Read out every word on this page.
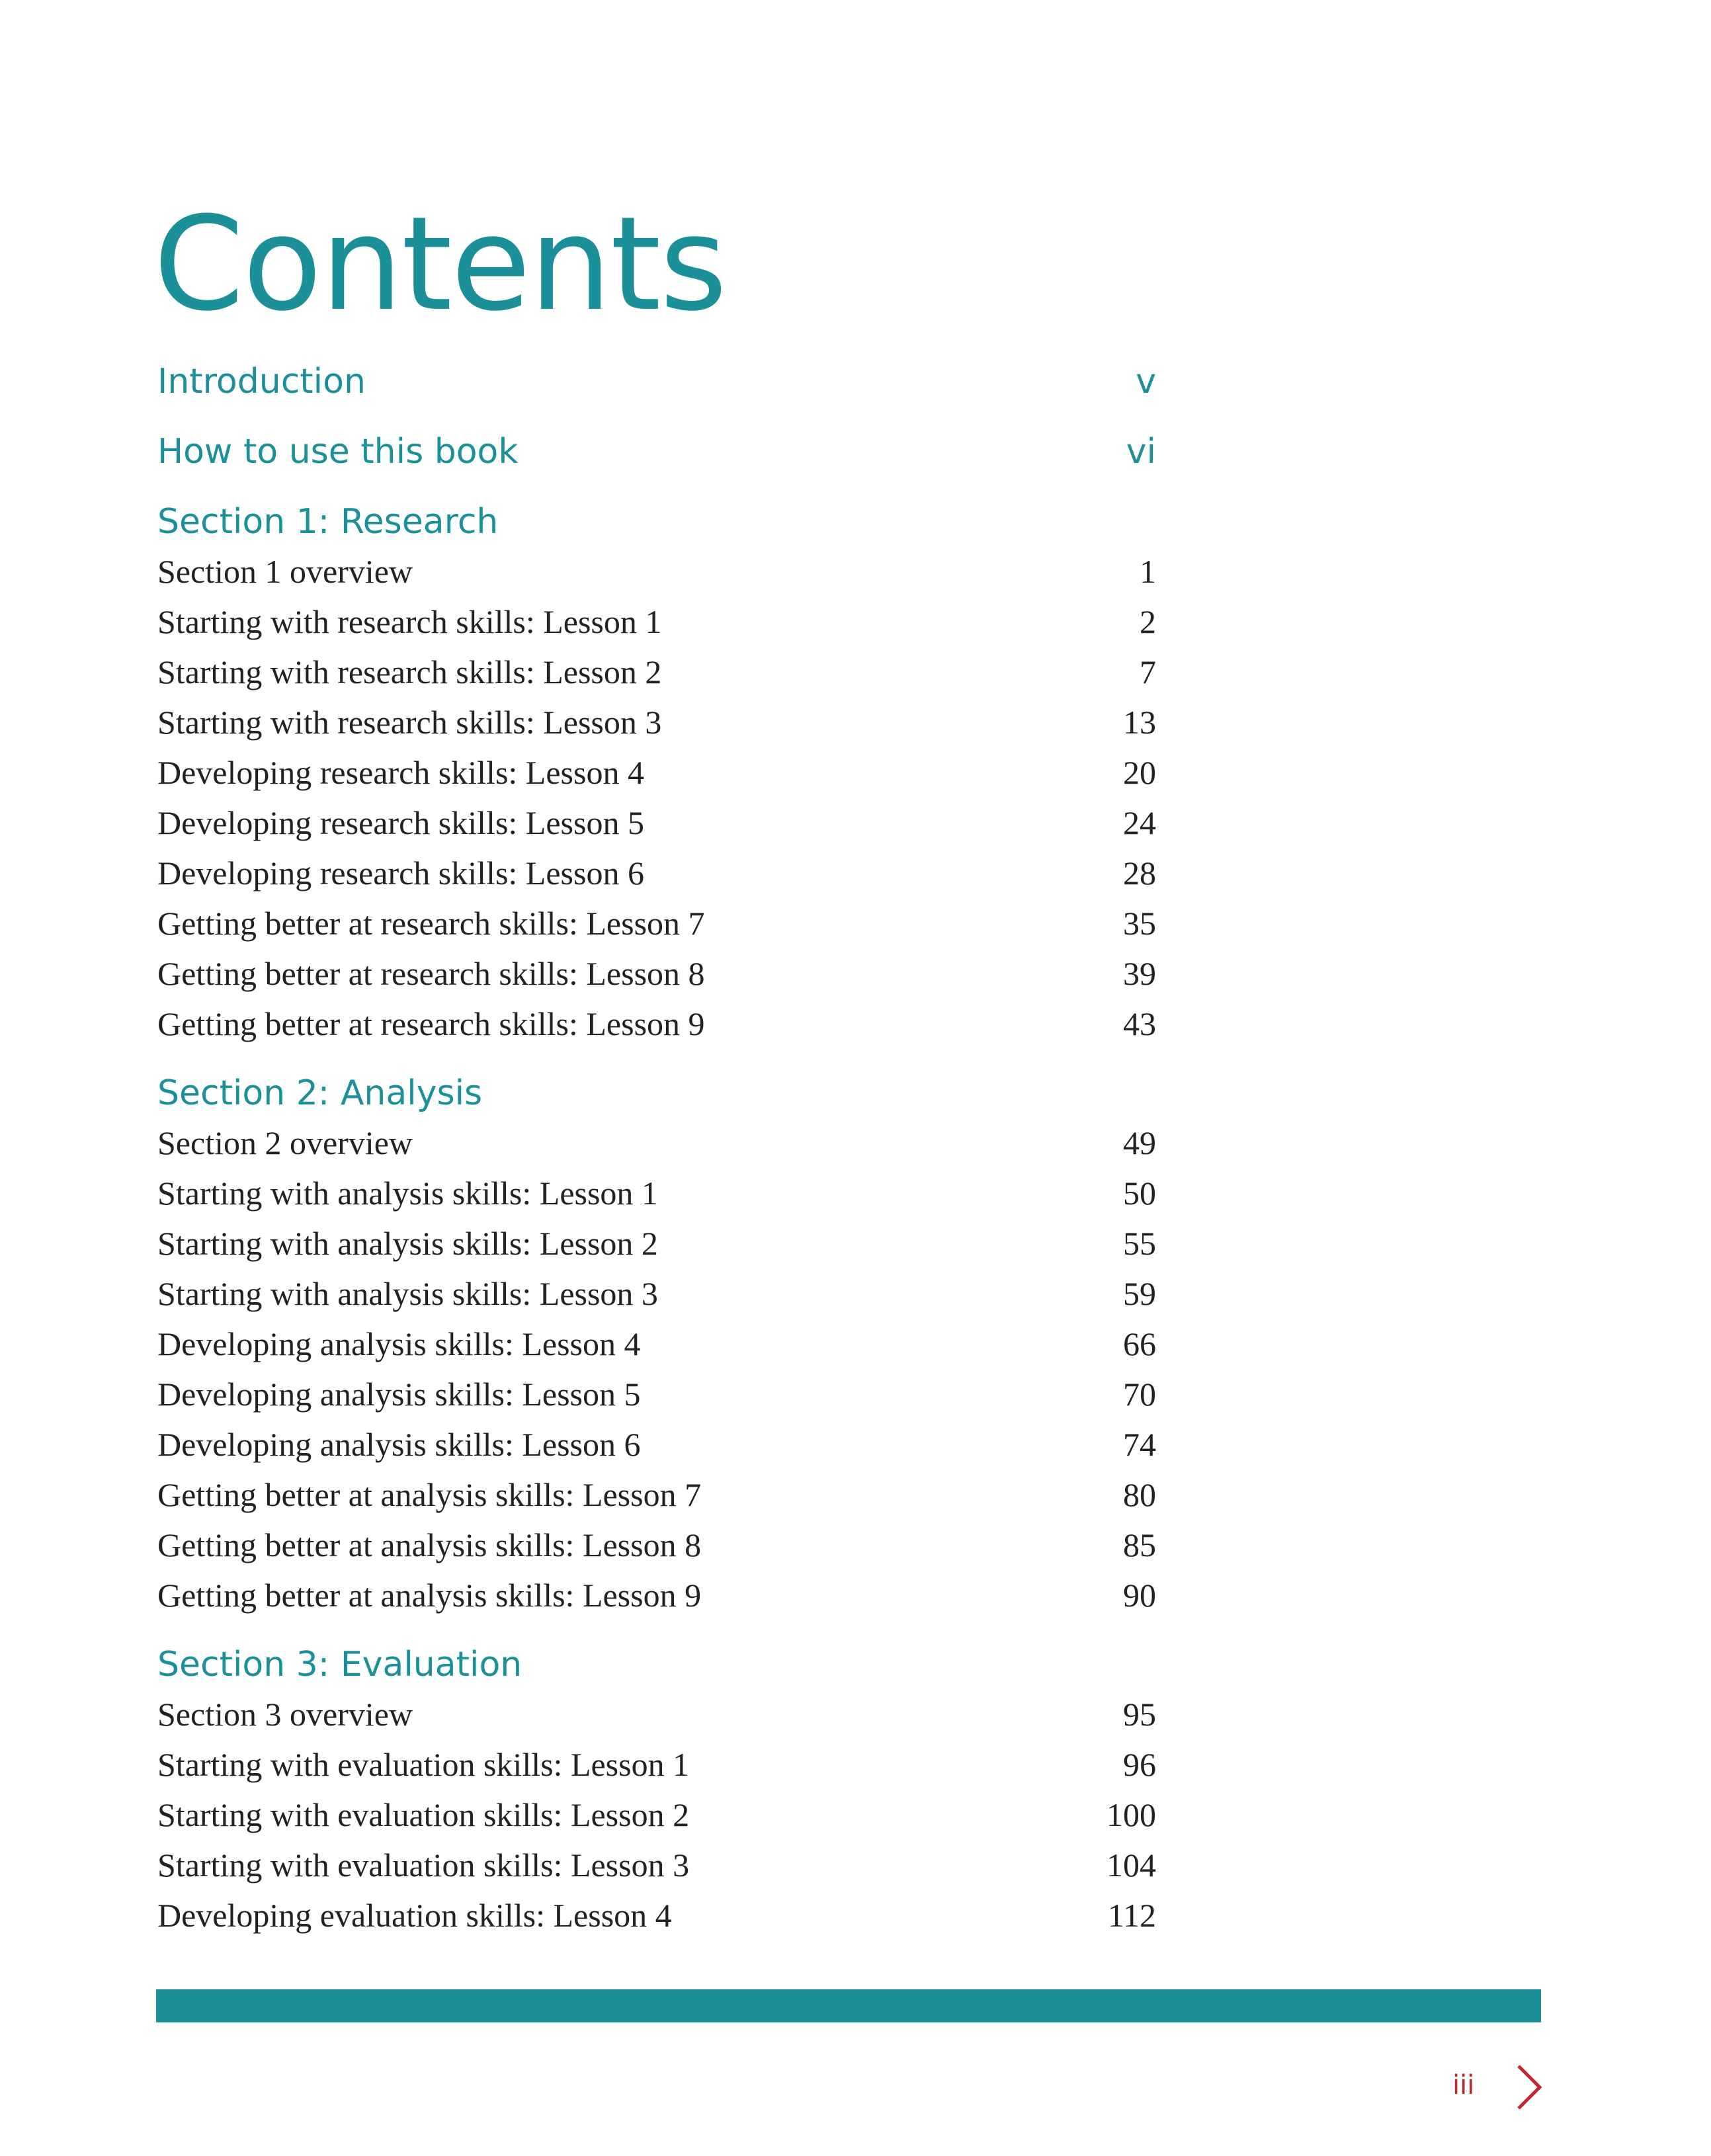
Contents
Introduction	v
How to use this book	vi
Section 1: Research
Section 1 overview	1
Starting with research skills: Lesson 1	2
Starting with research skills: Lesson 2	7
Starting with research skills: Lesson 3	13
Developing research skills: Lesson 4	20
Developing research skills: Lesson 5	24
Developing research skills: Lesson 6	28
Getting better at research skills: Lesson 7	35
Getting better at research skills: Lesson 8	39
Getting better at research skills: Lesson 9	43
Section 2: Analysis
Section 2 overview	49
Starting with analysis skills: Lesson 1	50
Starting with analysis skills: Lesson 2	55
Starting with analysis skills: Lesson 3	59
Developing analysis skills: Lesson 4	66
Developing analysis skills: Lesson 5	70
Developing analysis skills: Lesson 6	74
Getting better at analysis skills: Lesson 7	80
Getting better at analysis skills: Lesson 8	85
Getting better at analysis skills: Lesson 9	90
Section 3: Evaluation
Section 3 overview	95
Starting with evaluation skills: Lesson 1	96
Starting with evaluation skills: Lesson 2	100
Starting with evaluation skills: Lesson 3	104
Developing evaluation skills: Lesson 4	112
iii
